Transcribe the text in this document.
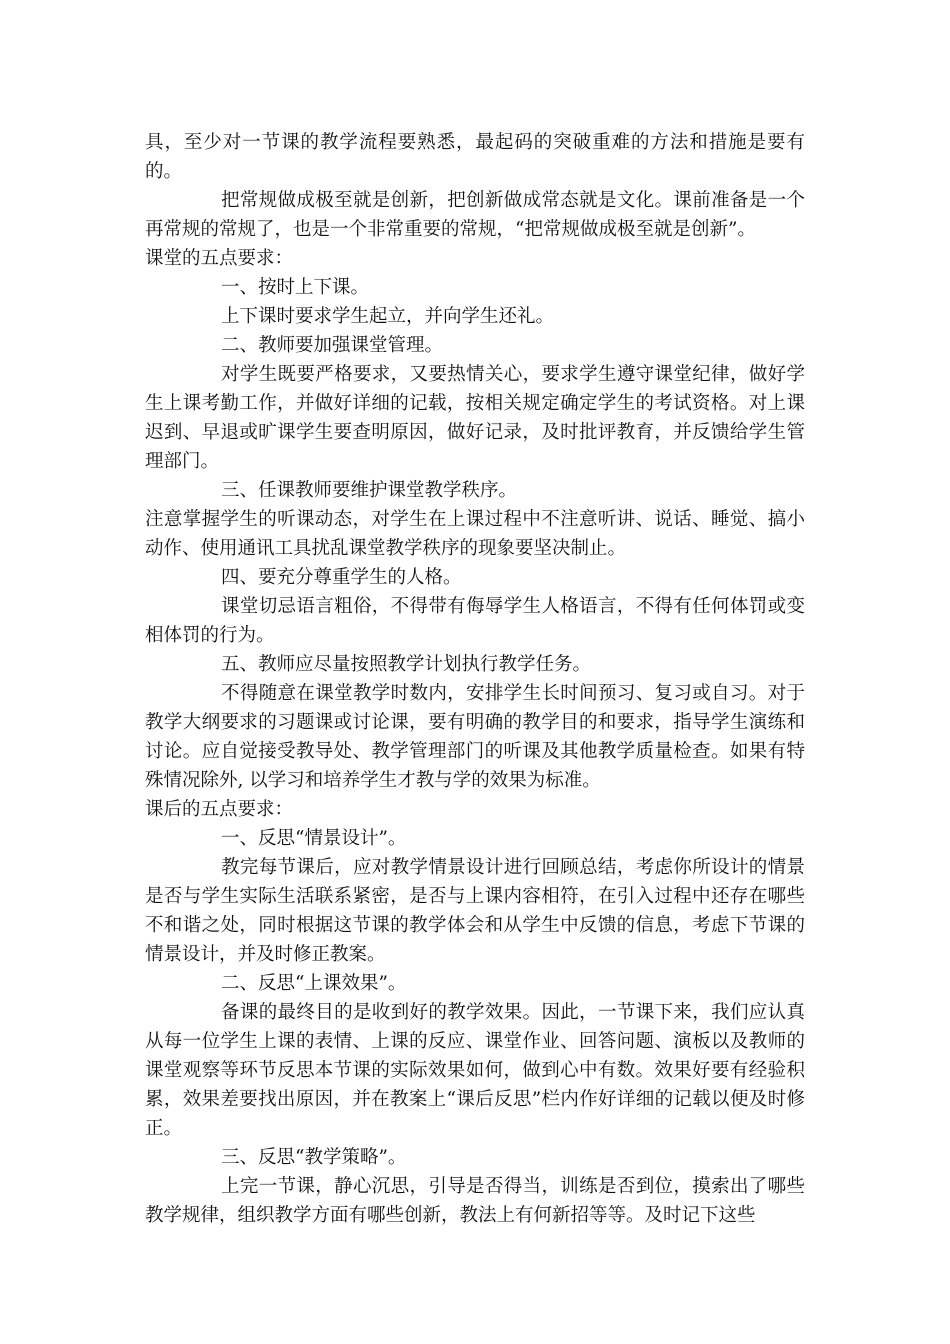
具，至少对一节课的教学流程要熟悉，最起码的突破重难的方法和措施是要有的。

把常规做成极至就是创新，把创新做成常态就是文化。课前准备是一个再常规的常规了，也是一个非常重要的常规，“把常规做成极至就是创新”。

课堂的五点要求：

一、按时上下课。

上下课时要求学生起立，并向学生还礼。

二、教师要加强课堂管理。

对学生既要严格要求，又要热情关心，要求学生遵守课堂纪律，做好学生上课考勤工作，并做好详细的记载，按相关规定确定学生的考试资格。对上课迟到、早退或旷课学生要查明原因，做好记录，及时批评教育，并反馈给学生管理部门。

三、任课教师要维护课堂教学秩序。

注意掌握学生的听课动态，对学生在上课过程中不注意听讲、说话、睡觉、搞小动作、使用通讯工具扰乱课堂教学秩序的现象要坚决制止。

四、要充分尊重学生的人格。

课堂切忌语言粗俗，不得带有侮辱学生人格语言，不得有任何体罚或变相体罚的行为。

五、教师应尽量按照教学计划执行教学任务。

不得随意在课堂教学时数内，安排学生长时间预习、复习或自习。对于教学大纲要求的习题课或讨论课，要有明确的教学目的和要求，指导学生演练和讨论。应自觉接受教导处、教学管理部门的听课及其他教学质量检查。如果有特殊情况除外, 以学习和培养学生才教与学的效果为标准。

课后的五点要求：

一、反思“情景设计”。

教完每节课后，应对教学情景设计进行回顾总结，考虑你所设计的情景是否与学生实际生活联系紧密，是否与上课内容相符，在引入过程中还存在哪些不和谐之处，同时根据这节课的教学体会和从学生中反馈的信息，考虑下节课的情景设计，并及时修正教案。

二、反思“上课效果”。

备课的最终目的是收到好的教学效果。因此，一节课下来，我们应认真从每一位学生上课的表情、上课的反应、课堂作业、回答问题、演板以及教师的课堂观察等环节反思本节课的实际效果如何，做到心中有数。效果好要有经验积累，效果差要找出原因，并在教案上“课后反思”栏内作好详细的记载以便及时修正。

三、反思“教学策略”。

上完一节课，静心沉思，引导是否得当，训练是否到位，摸索出了哪些教学规律，组织教学方面有哪些创新，教法上有何新招等等。及时记下这些
